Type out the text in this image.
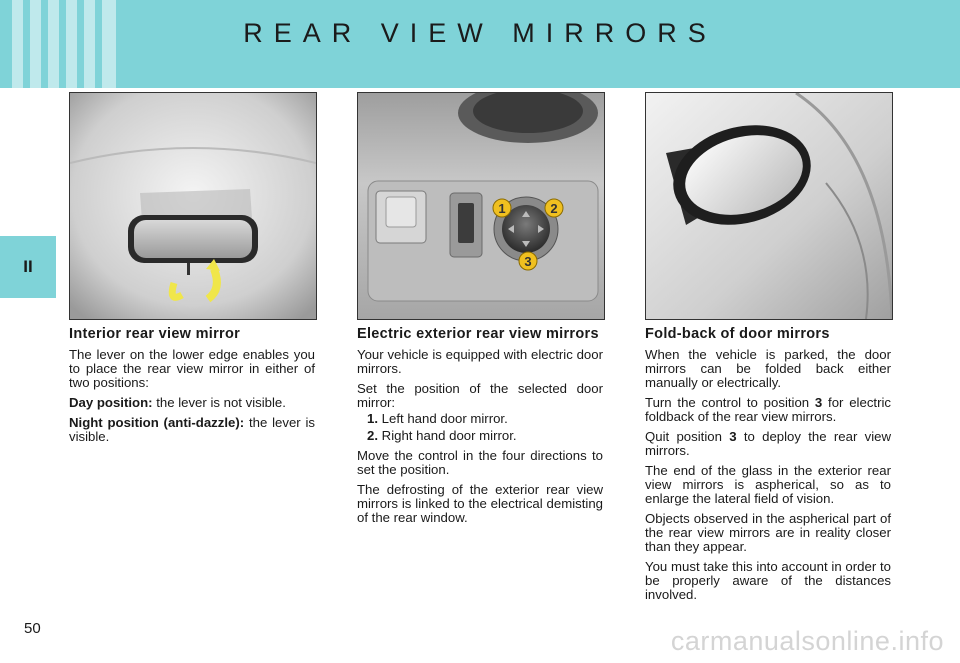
REAR VIEW MIRRORS
II
1	2
3
Interior rear view mirror

The lever on the lower edge enables you to place the rear view mirror in either of two positions:

Day position: the lever is not visible.

Night position (anti-dazzle): the lever is visible.

Electric exterior rear view mirrors

Your vehicle is equipped with electric door mirrors.

Set the position of the selected door mirror:

1. Left hand door mirror.
2. Right hand door mirror.

Move the control in the four directions to set the position.

The defrosting of the exterior rear view mirrors is linked to the electrical demisting of the rear window.

Fold-back of door mirrors

When the vehicle is parked, the door mirrors can be folded back either manually or electrically.

Turn the control to position 3 for electric foldback of the rear view mirrors.

Quit position 3 to deploy the rear view mirrors.

The end of the glass in the exterior rear view mirrors is aspherical, so as to enlarge the lateral field of vision.

Objects observed in the aspherical part of the rear view mirrors are in reality closer than they appear.

You must take this into account in order to be properly aware of the distances involved.

50	carmanualsonline.info
